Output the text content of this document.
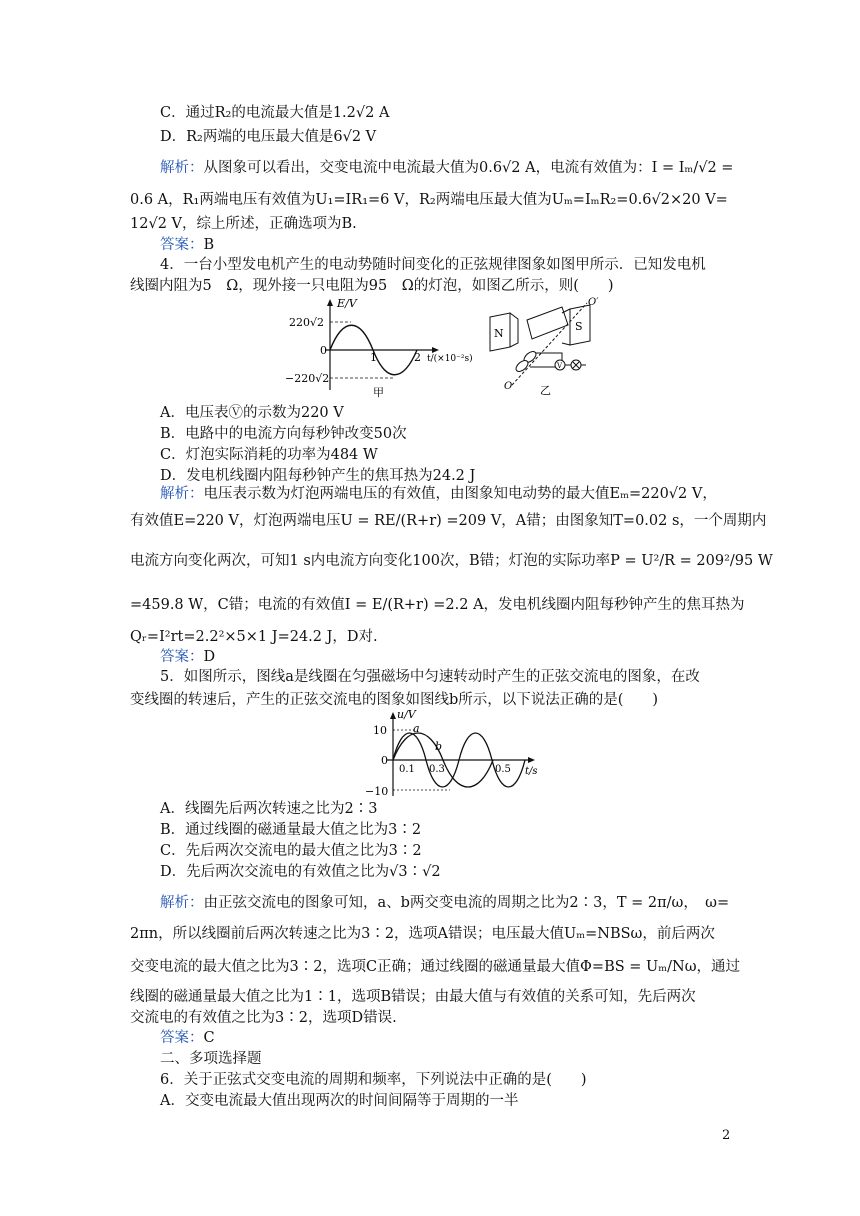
C．通过R₂的电流最大值是1.2√2 A
D．R₂两端的电压最大值是6√2 V
解析：从图象可以看出，交变电流中电流最大值为0.6√2 A，电流有效值为：I = Iₘ/√2 =
0.6 A，R₁两端电压有效值为U₁=IR₁=6 V，R₂两端电压最大值为Uₘ=IₘR₂=0.6√2×20 V=
12√2 V，综上所述，正确选项为B.
答案：B
4．一台小型发电机产生的电动势随时间变化的正弦规律图象如图甲所示．已知发电机
线圈内阻为5　Ω，现外接一只电阻为95　Ω的灯泡，如图乙所示，则(　　)
E/V
220√2
0
−220√2
1	2 t/(×10⁻²s)
甲
V
N
S
O′
O	乙
A．电压表Ⓥ的示数为220 V
B．电路中的电流方向每秒钟改变50次
C．灯泡实际消耗的功率为484 W
D．发电机线圈内阻每秒钟产生的焦耳热为24.2 J
解析：电压表示数为灯泡两端电压的有效值，由图象知电动势的最大值Eₘ=220√2 V，
有效值E=220 V，灯泡两端电压U = RE/(R+r) =209 V，A错；由图象知T=0.02 s，一个周期内
电流方向变化两次，可知1 s内电流方向变化100次，B错；灯泡的实际功率P = U²/R = 209²/95 W
=459.8 W，C错；电流的有效值I = E/(R+r) =2.2 A，发电机线圈内阻每秒钟产生的焦耳热为
Qᵣ=I²rt=2.2²×5×1 J=24.2 J，D对.
答案：D
5．如图所示，图线a是线圈在匀强磁场中匀速转动时产生的正弦交流电的图象，在改
变线圈的转速后，产生的正弦交流电的图象如图线b所示，以下说法正确的是(　　)
u/V
10
0
−10
0.1 0.3	0.5 t/s
a
b
A．线圈先后两次转速之比为2∶3
B．通过线圈的磁通量最大值之比为3∶2
C．先后两次交流电的最大值之比为3∶2
D．先后两次交流电的有效值之比为√3∶√2
解析：由正弦交流电的图象可知，a、b两交变电流的周期之比为2∶3，T = 2π/ω，　ω=
2πn，所以线圈前后两次转速之比为3∶2，选项A错误；电压最大值Uₘ=NBSω，前后两次
交变电流的最大值之比为3∶2，选项C正确；通过线圈的磁通量最大值Φ=BS = Uₘ/Nω，通过
线圈的磁通量最大值之比为1∶1，选项B错误；由最大值与有效值的关系可知，先后两次
交流电的有效值之比为3∶2，选项D错误.
答案：C
二、多项选择题
6．关于正弦式交变电流的周期和频率，下列说法中正确的是(　　)
A．交变电流最大值出现两次的时间间隔等于周期的一半
2
